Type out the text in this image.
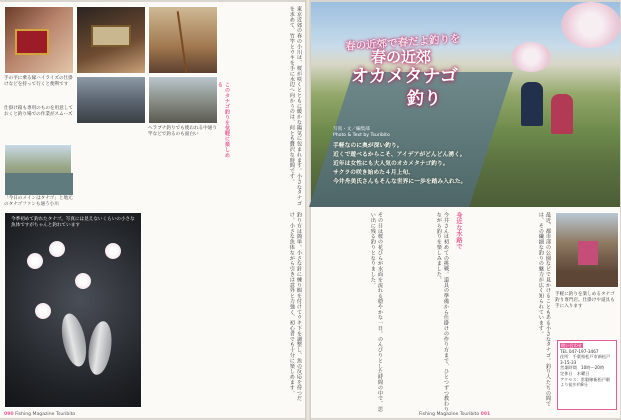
手の平に乗る縁ハイライズの仕掛けなどを持って行くと便利です
仕掛け箱も専用のものを用意しておくと釣り場での作業がスムーズ
ヘラブナ釣りでも使われる中通り竿などで釣るのも面白い
「今日のメインはタナゴ」と地元のタナゴファンも通う小川
今季初めて釣れたタナゴ。写真には見えないくらいの小さな魚体ですがちゃんと釣れています
東京近郊の春の小川は、桜が咲くとともに暖かな陽気に包まれます。小さなタナゴを求めて、竹竿とウキを手に水辺へ向かうのは、何とも贅沢な時間です。
このタナゴ釣りを気軽に楽しめる
釣り方は簡単。小さな針に練り餌を付けてウキ下を調整し、魚の反応を待つだけ。小さな魚体ながら引きは意外と力強く、初心者でも十分に楽しめます。
090 Fishing Magazine Tsuribito
春の近郊で春だよ釣りを
春の近郊
オカメタナゴ
釣り
写真・文／編集部
Photo & Text by Tsuribito
手軽なのに奥が深い釣り。
近くで遊べるからこそ、アイデアがどんどん湧く。
近年は女性にも大人気のオカメタナゴ釣り。
サクラの咲き始めた４月上旬、
今井舟美氏さんもそんな世界に一歩を踏み入れた。
身近な水路で	最近、都市部の公園などで見かけることもある小さなタナゴ。釣り人たちの間では、その繊細な釣りの魅力が広く知られています。
今井さんは初めての挑戦。道具の準備から仕掛けの作り方まで、ひとつずつ教わりながら釣りを楽しみました。
その日は桜の花びらが水面を流れる穏やかな一日。のんびりとした時間の中で、思い出に残る釣りとなりました。
手軽に釣りを楽しめるタナゴ釣り専門店。仕掛けや道具も手に入ります
問い合わせ
TEL 047-197-3467
住所　千葉県松戸市新松戸3-15-33
営業時間　10時～20時
定休日　木曜日
アクセス：常磐線新松戸駅より徒歩約8分
Fishing Magazine Tsuribito 091
